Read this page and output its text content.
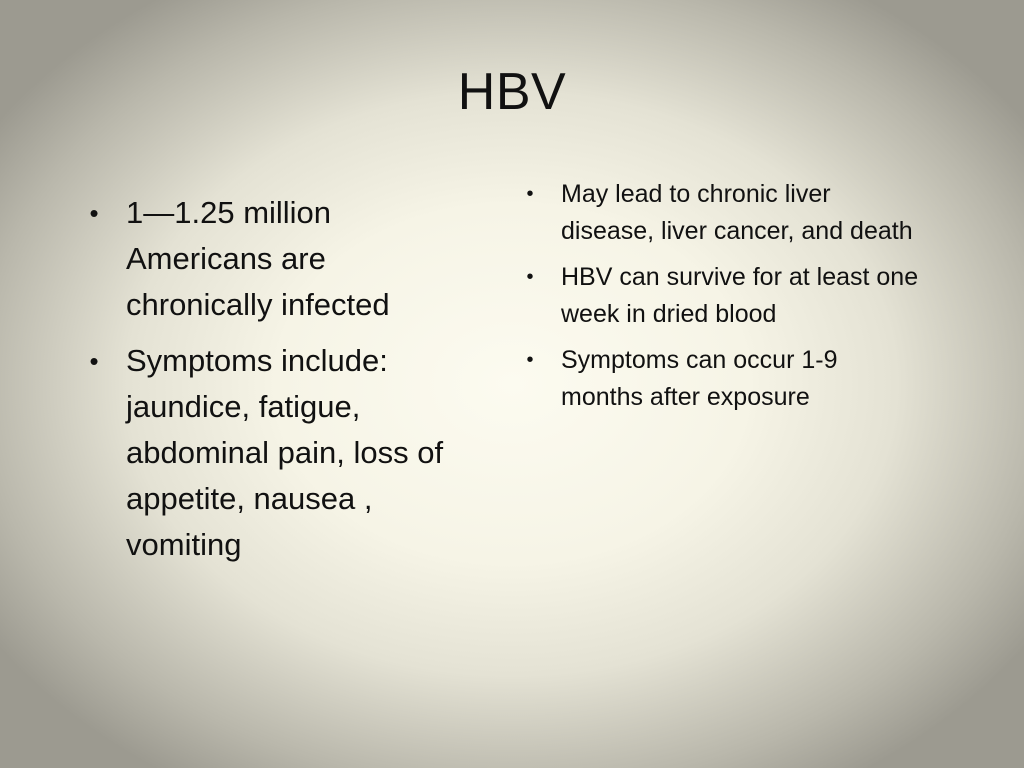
HBV
• 1—1.25 million Americans are chronically infected
• Symptoms include: jaundice, fatigue, abdominal pain, loss of appetite, nausea , vomiting
• May lead to chronic liver disease, liver cancer, and death
• HBV can survive for at least one week in dried blood
• Symptoms can occur 1-9 months after exposure
